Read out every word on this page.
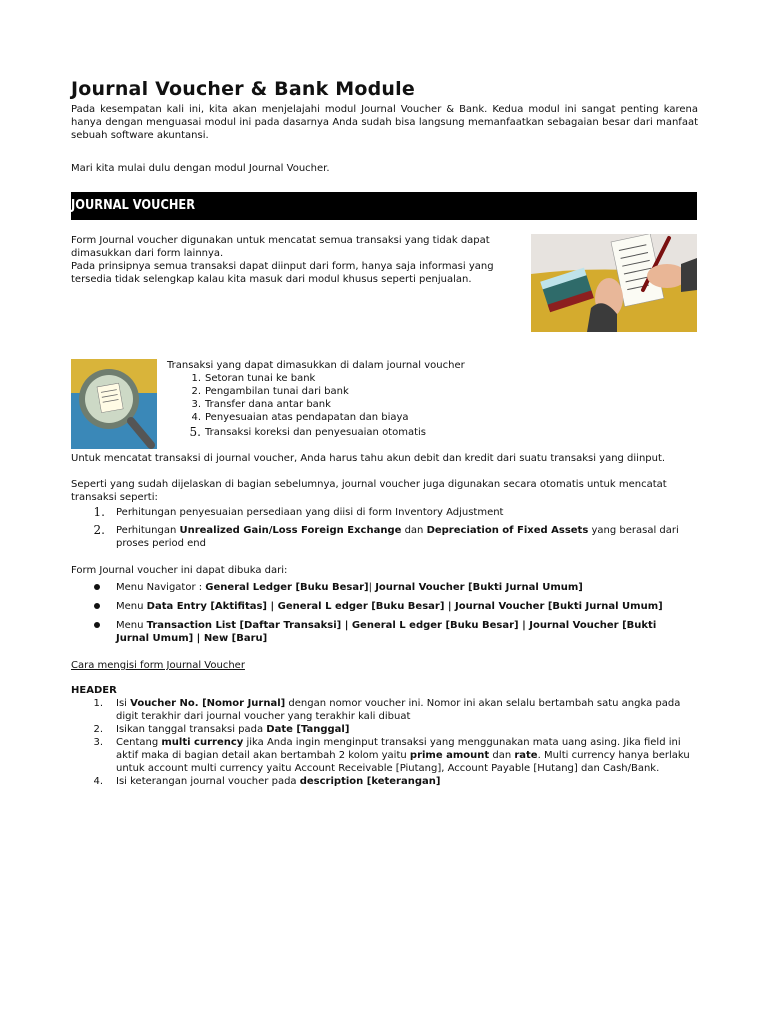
Journal Voucher & Bank Module

Pada kesempatan kali ini, kita akan menjelajahi modul Journal Voucher & Bank. Kedua modul ini sangat penting karena hanya dengan menguasai modul ini pada dasarnya Anda sudah bisa langsung memanfaatkan sebagaian besar dari manfaat sebuah software akuntansi.

Mari kita mulai dulu dengan modul Journal Voucher.

JOURNAL VOUCHER

Form Journal voucher digunakan untuk mencatat semua transaksi yang tidak dapat dimasukkan dari form lainnya.

Pada prinsipnya semua transaksi dapat diinput dari form, hanya saja informasi yang tersedia tidak selengkap kalau kita masuk dari modul khusus seperti penjualan.

Transaksi yang dapat dimasukkan di dalam journal voucher

1. Setoran tunai ke bank
2. Pengambilan tunai dari bank
3. Transfer dana antar bank
4. Penyesuaian atas pendapatan dan biaya
5. Transaksi koreksi dan penyesuaian otomatis

Untuk mencatat transaksi di journal voucher, Anda harus tahu akun debit dan kredit dari suatu transaksi yang diinput.

Seperti yang sudah dijelaskan di bagian sebelumnya, journal voucher juga digunakan secara otomatis untuk mencatat transaksi seperti:

1. Perhitungan penyesuaian persediaan yang diisi di form Inventory Adjustment
2. Perhitungan Unrealized Gain/Loss Foreign Exchange dan Depreciation of Fixed Assets yang berasal dari proses period end

Form Journal voucher ini dapat dibuka dari:

Menu Navigator : General Ledger [Buku Besar]| Journal Voucher [Bukti Jurnal Umum]
Menu Data Entry [Aktifitas] | General L edger [Buku Besar] | Journal Voucher [Bukti Jurnal Umum]
Menu Transaction List [Daftar Transaksi] | General L edger [Buku Besar] | Journal Voucher [Bukti Jurnal Umum] | New [Baru]

Cara mengisi form Journal Voucher

HEADER

1. Isi Voucher No. [Nomor Jurnal] dengan nomor voucher ini. Nomor ini akan selalu bertambah satu angka pada digit terakhir dari journal voucher yang terakhir kali dibuat
2. Isikan tanggal transaksi pada Date [Tanggal]
3. Centang multi currency jika Anda ingin menginput transaksi yang menggunakan mata uang asing. Jika field ini aktif maka di bagian detail akan bertambah 2 kolom yaitu prime amount dan rate. Multi currency hanya berlaku untuk account multi currency yaitu Account Receivable [Piutang], Account Payable [Hutang] dan Cash/Bank.
4. Isi keterangan journal voucher pada description [keterangan]
